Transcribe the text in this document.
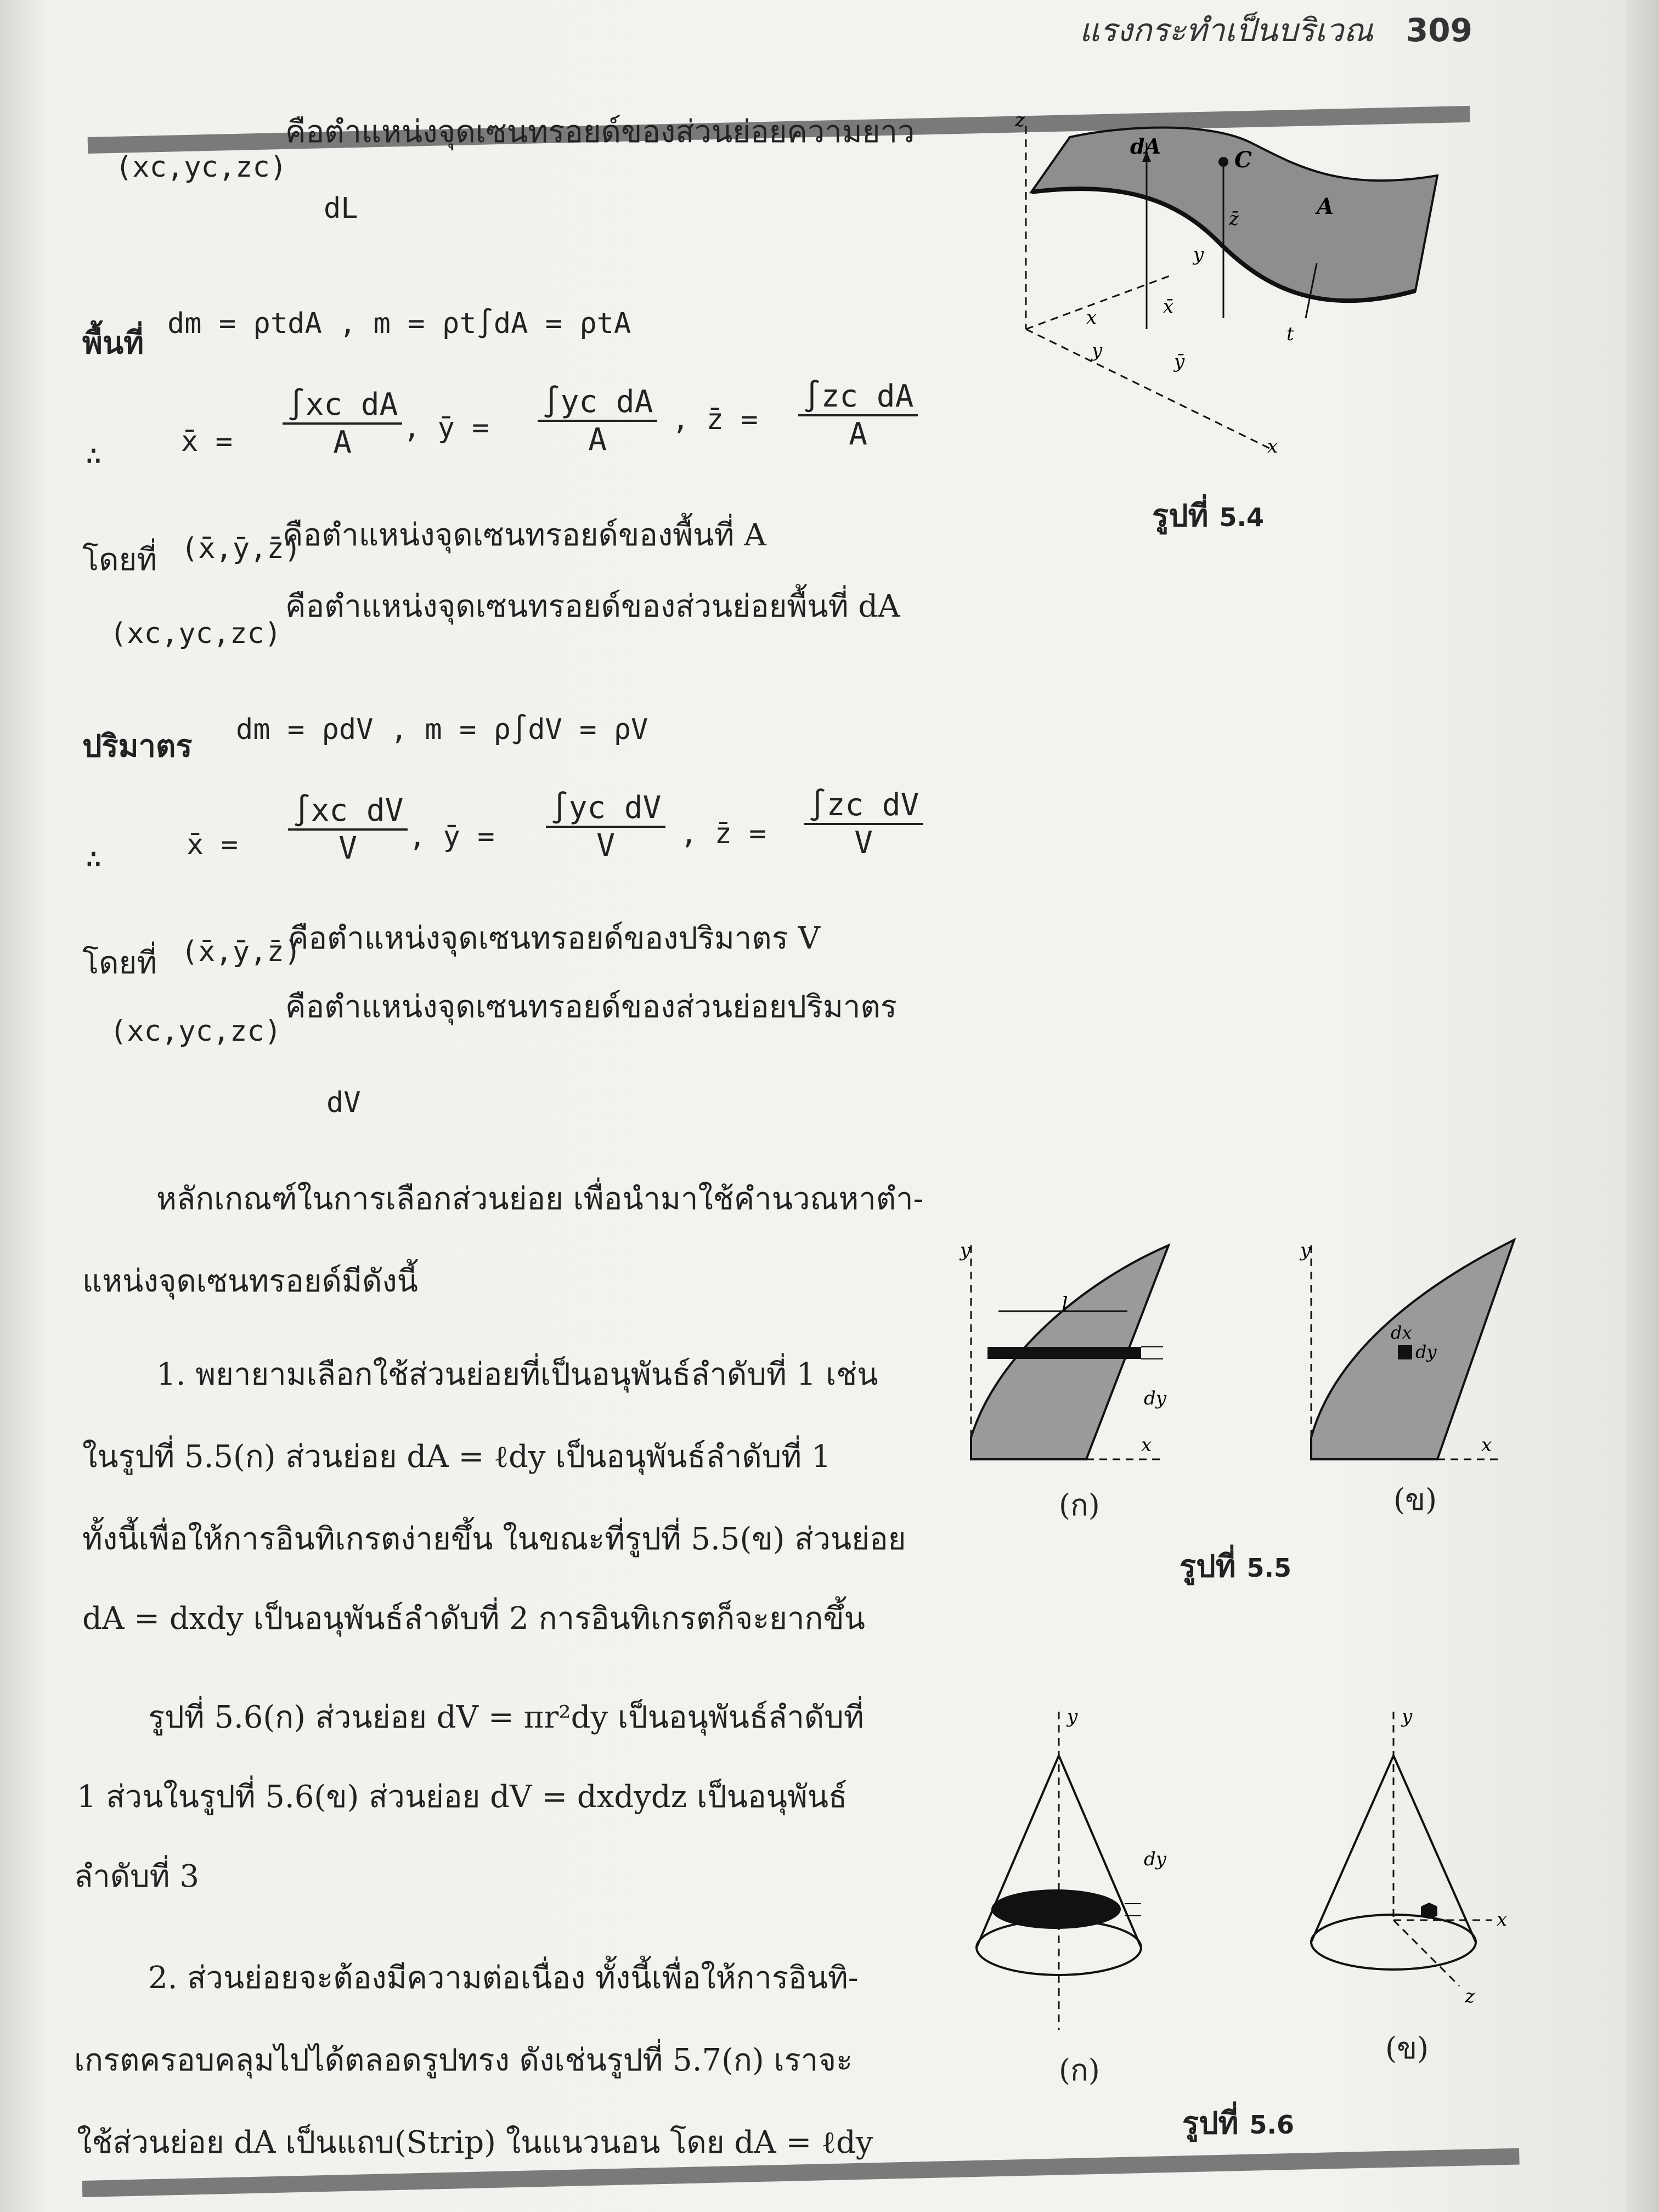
แรงกระทำเป็นบริเวณ 309
(xc,yc,zc)
คือตำแหน่งจุดเซนทรอยด์ของส่วนย่อยความยาว
dL
พื้นที่
dm = ρtdA , m = ρt∫dA = ρtA
∴	x̄ = $\frac{\text{∫xc dA}}{A}$ , ȳ = $\frac{\text{∫yc dA}}{A}$ , z̄ = $\frac{\text{∫zc dA}}{A}$
โดยที่ (x̄,ȳ,z̄)
คือตำแหน่งจุดเซนทรอยด์ของพื้นที่ A
(xc,yc,zc)
คือตำแหน่งจุดเซนทรอยด์ของส่วนย่อยพื้นที่ dA
ปริมาตร dm = ρdV , m = ρ∫dV = ρV
∴	x̄ = $\frac{\text{∫xc dV}}{V}$ , ȳ = $\frac{\text{∫yc dV}}{V}$ , z̄ = $\frac{\text{∫zc dV}}{V}$
โดยที่ (x̄,ȳ,z̄)
คือตำแหน่งจุดเซนทรอยด์ของปริมาตร V
(xc,yc,zc)
คือตำแหน่งจุดเซนทรอยด์ของส่วนย่อยปริมาตร
dV
หลักเกณฑ์ในการเลือกส่วนย่อย เพื่อนำมาใช้คำนวณหาตำ-
แหน่งจุดเซนทรอยด์มีดังนี้
1. พยายามเลือกใช้ส่วนย่อยที่เป็นอนุพันธ์ลำดับที่ 1 เช่น
ในรูปที่ 5.5(ก) ส่วนย่อย dA = ℓdy เป็นอนุพันธ์ลำดับที่ 1
ทั้งนี้เพื่อให้การอินทิเกรตง่ายขึ้น ในขณะที่รูปที่ 5.5(ข) ส่วนย่อย
dA = dxdy เป็นอนุพันธ์ลำดับที่ 2 การอินทิเกรตก็จะยากขึ้น
รูปที่ 5.6(ก) ส่วนย่อย dV = πr²dy เป็นอนุพันธ์ลำดับที่
1 ส่วนในรูปที่ 5.6(ข) ส่วนย่อย dV = dxdydz เป็นอนุพันธ์
ลำดับที่ 3
2. ส่วนย่อยจะต้องมีความต่อเนื่อง ทั้งนี้เพื่อให้การอินทิ-
เกรตครอบคลุมไปได้ตลอดรูปทรง ดังเช่นรูปที่ 5.7(ก) เราจะ
ใช้ส่วนย่อย dA เป็นแถบ(Strip) ในแนวนอน โดย dA = ℓdy
z
dA
C
A
z̄
y
x	x̄
y	ȳ
t
x
รูปที่ 5.4
y
l
dy
x
y
dx
dy
x
(ก)	(ข)
รูปที่ 5.5
y
dy
y
x
z
(ก)
(ข)
รูปที่ 5.6
